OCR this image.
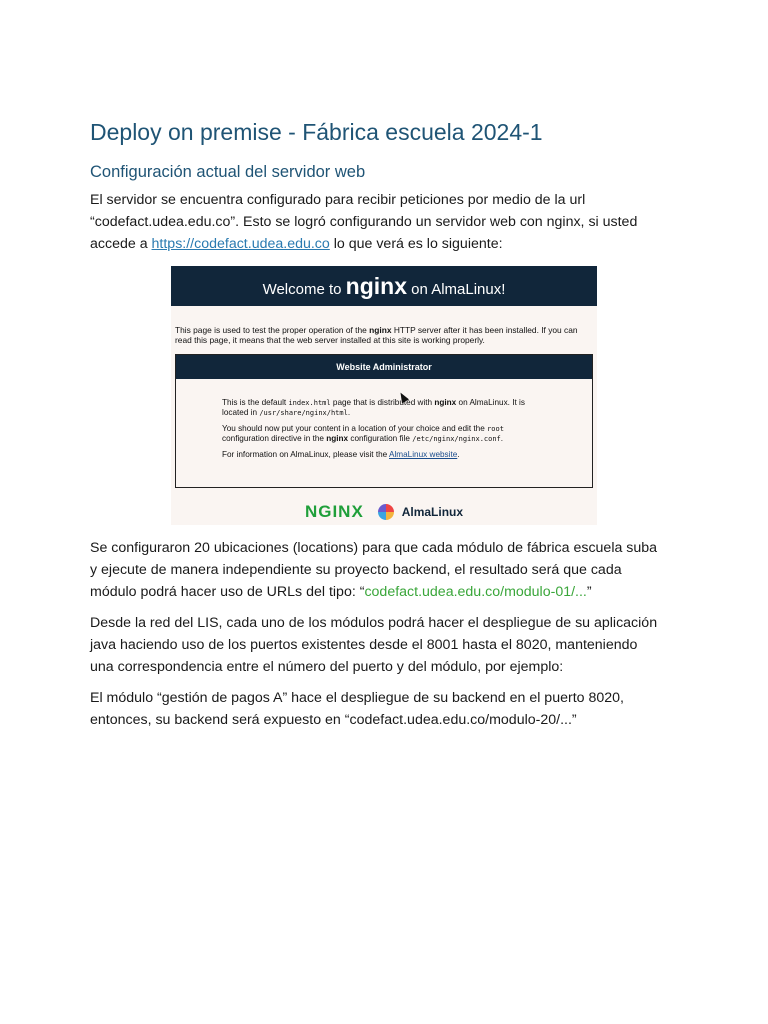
Deploy on premise - Fábrica escuela 2024-1
Configuración actual del servidor web

El servidor se encuentra configurado para recibir peticiones por medio de la url
“codefact.udea.edu.co”. Esto se logró configurando un servidor web con nginx, si usted
accede a https://codefact.udea.edu.co lo que verá es lo siguiente:

Welcome to nginx on AlmaLinux!
This page is used to test the proper operation of the nginx HTTP server after it has been installed. If you can read this page, it means that the web server installed at this site is working properly.
Website Administrator
This is the default index.html page that is distributed with nginx on AlmaLinux. It is located in /usr/share/nginx/html.
You should now put your content in a location of your choice and edit the root configuration directive in the nginx configuration file /etc/nginx/nginx.conf.
For information on AlmaLinux, please visit the AlmaLinux website.
NGINX	AlmaLinux

Se configuraron 20 ubicaciones (locations) para que cada módulo de fábrica escuela suba
y ejecute de manera independiente su proyecto backend, el resultado será que cada
módulo podrá hacer uso de URLs del tipo: “codefact.udea.edu.co/modulo-01/...”

Desde la red del LIS, cada uno de los módulos podrá hacer el despliegue de su aplicación
java haciendo uso de los puertos existentes desde el 8001 hasta el 8020, manteniendo
una correspondencia entre el número del puerto y del módulo, por ejemplo:

El módulo “gestión de pagos A” hace el despliegue de su backend en el puerto 8020,
entonces, su backend será expuesto en “codefact.udea.edu.co/modulo-20/...”
